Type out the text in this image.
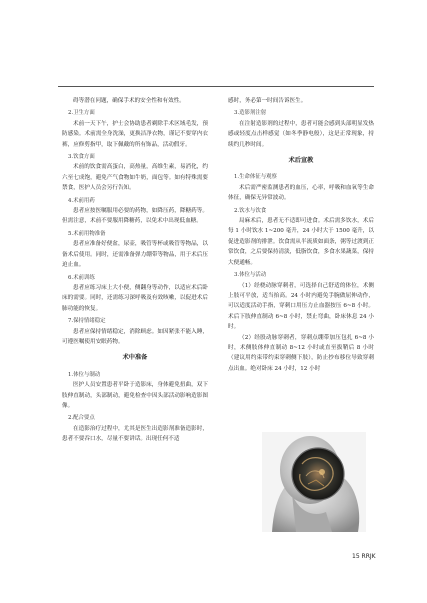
碍等潜在问题，确保手术的安全性和有效性。

2.卫生方面

术前一天下午，护士会协助患者剃除手术区域毛发，预防感染。术前需全身洗澡，更换洁净衣物，谨记不要穿内衣裤，应修剪指甲，取下佩戴的所有饰品，活动假牙。

3.饮食方面

术前的饮食需高蛋白，高热量，高维生素，易消化，约六至七成饱，避免产气食物如牛奶，面包等。如有特殊需要禁食，医护人员会另行告知。

4.术前用药

患者应按医嘱服用必要的药物，如降压药，降糖药等。但需注意，术前不要服用降糖药，以免术中出现低血糖。

5.术前用物准备

患者应准备好便盆，尿壶，吸管等杯或吸管等物品，以备术后使用。同时，还需准备弹力绷带等物品，用于术后压迫止血。

6.术前训练

患者应练习床上大小便，侧翻身等动作，以适应术后卧床的需要。同时，还需练习深呼吸及有效咳嗽，以促进术后肺功能的恢复。

7.保持情绪稳定

患者应保持情绪稳定，消除顾虑。如因紧张不能入睡，可遵医嘱使用安眠药物。

术中准备

1.体位与制动

医护人员安置患者平卧于造影床，身体避免扭曲，双下肢伸直制动，头部制动，避免检查中因头部活动影响造影图像。

2.配合要点

在造影治疗过程中，尤其是医生出造影剂准备造影时，患者不要吞口水，尽量不要讲话。出现任何不适

感时，务必第一时间告诉医生。

3.造影剂注射

在注射造影剂的过程中，患者可能会感到头部明显发热感或轻度点击样感觉（如冬季静电般），这是正常现象，持续约几秒时间。

术后宣教

1.生命体征与观察

术后需严密监测患者的血压，心率，呼吸和血氧等生命体征，确保无异常波动。

2.饮水与饮食

局麻术后，患者无不适即可进食。术后需多饮水，术后每 1 小时饮水 1~200 毫升，24 小时大于 1500 毫升，以促进造影剂的排泄。饮食需从半流质如面条，粥等过渡到正常饮食，之后要保持清淡，低脂饮食，多食水果蔬菜，保持大便通畅。

3.体位与活动

（1）经桡动脉穿刺者，可选择自己舒适的体位，术侧上肢可平放，适当抬高。24 小时内避免手腕做屈伸动作，可以适度活动手指，穿刺口用压力止血器按压 6~8 小时。术后下肢伸直制动 6~8 小时，禁止弯曲，卧床休息 24 小时。

（2）经股动脉穿刺者，穿刺点绷带加压包扎 6~8 小时，术侧肢体伸直制动 8~12 小时或直至拔鞘后 8 小时（建议用约束带约束穿刺侧下肢），防止抄布移位导致穿刺点出血。绝对卧床 24 小时，12 小时

15 RRJK
